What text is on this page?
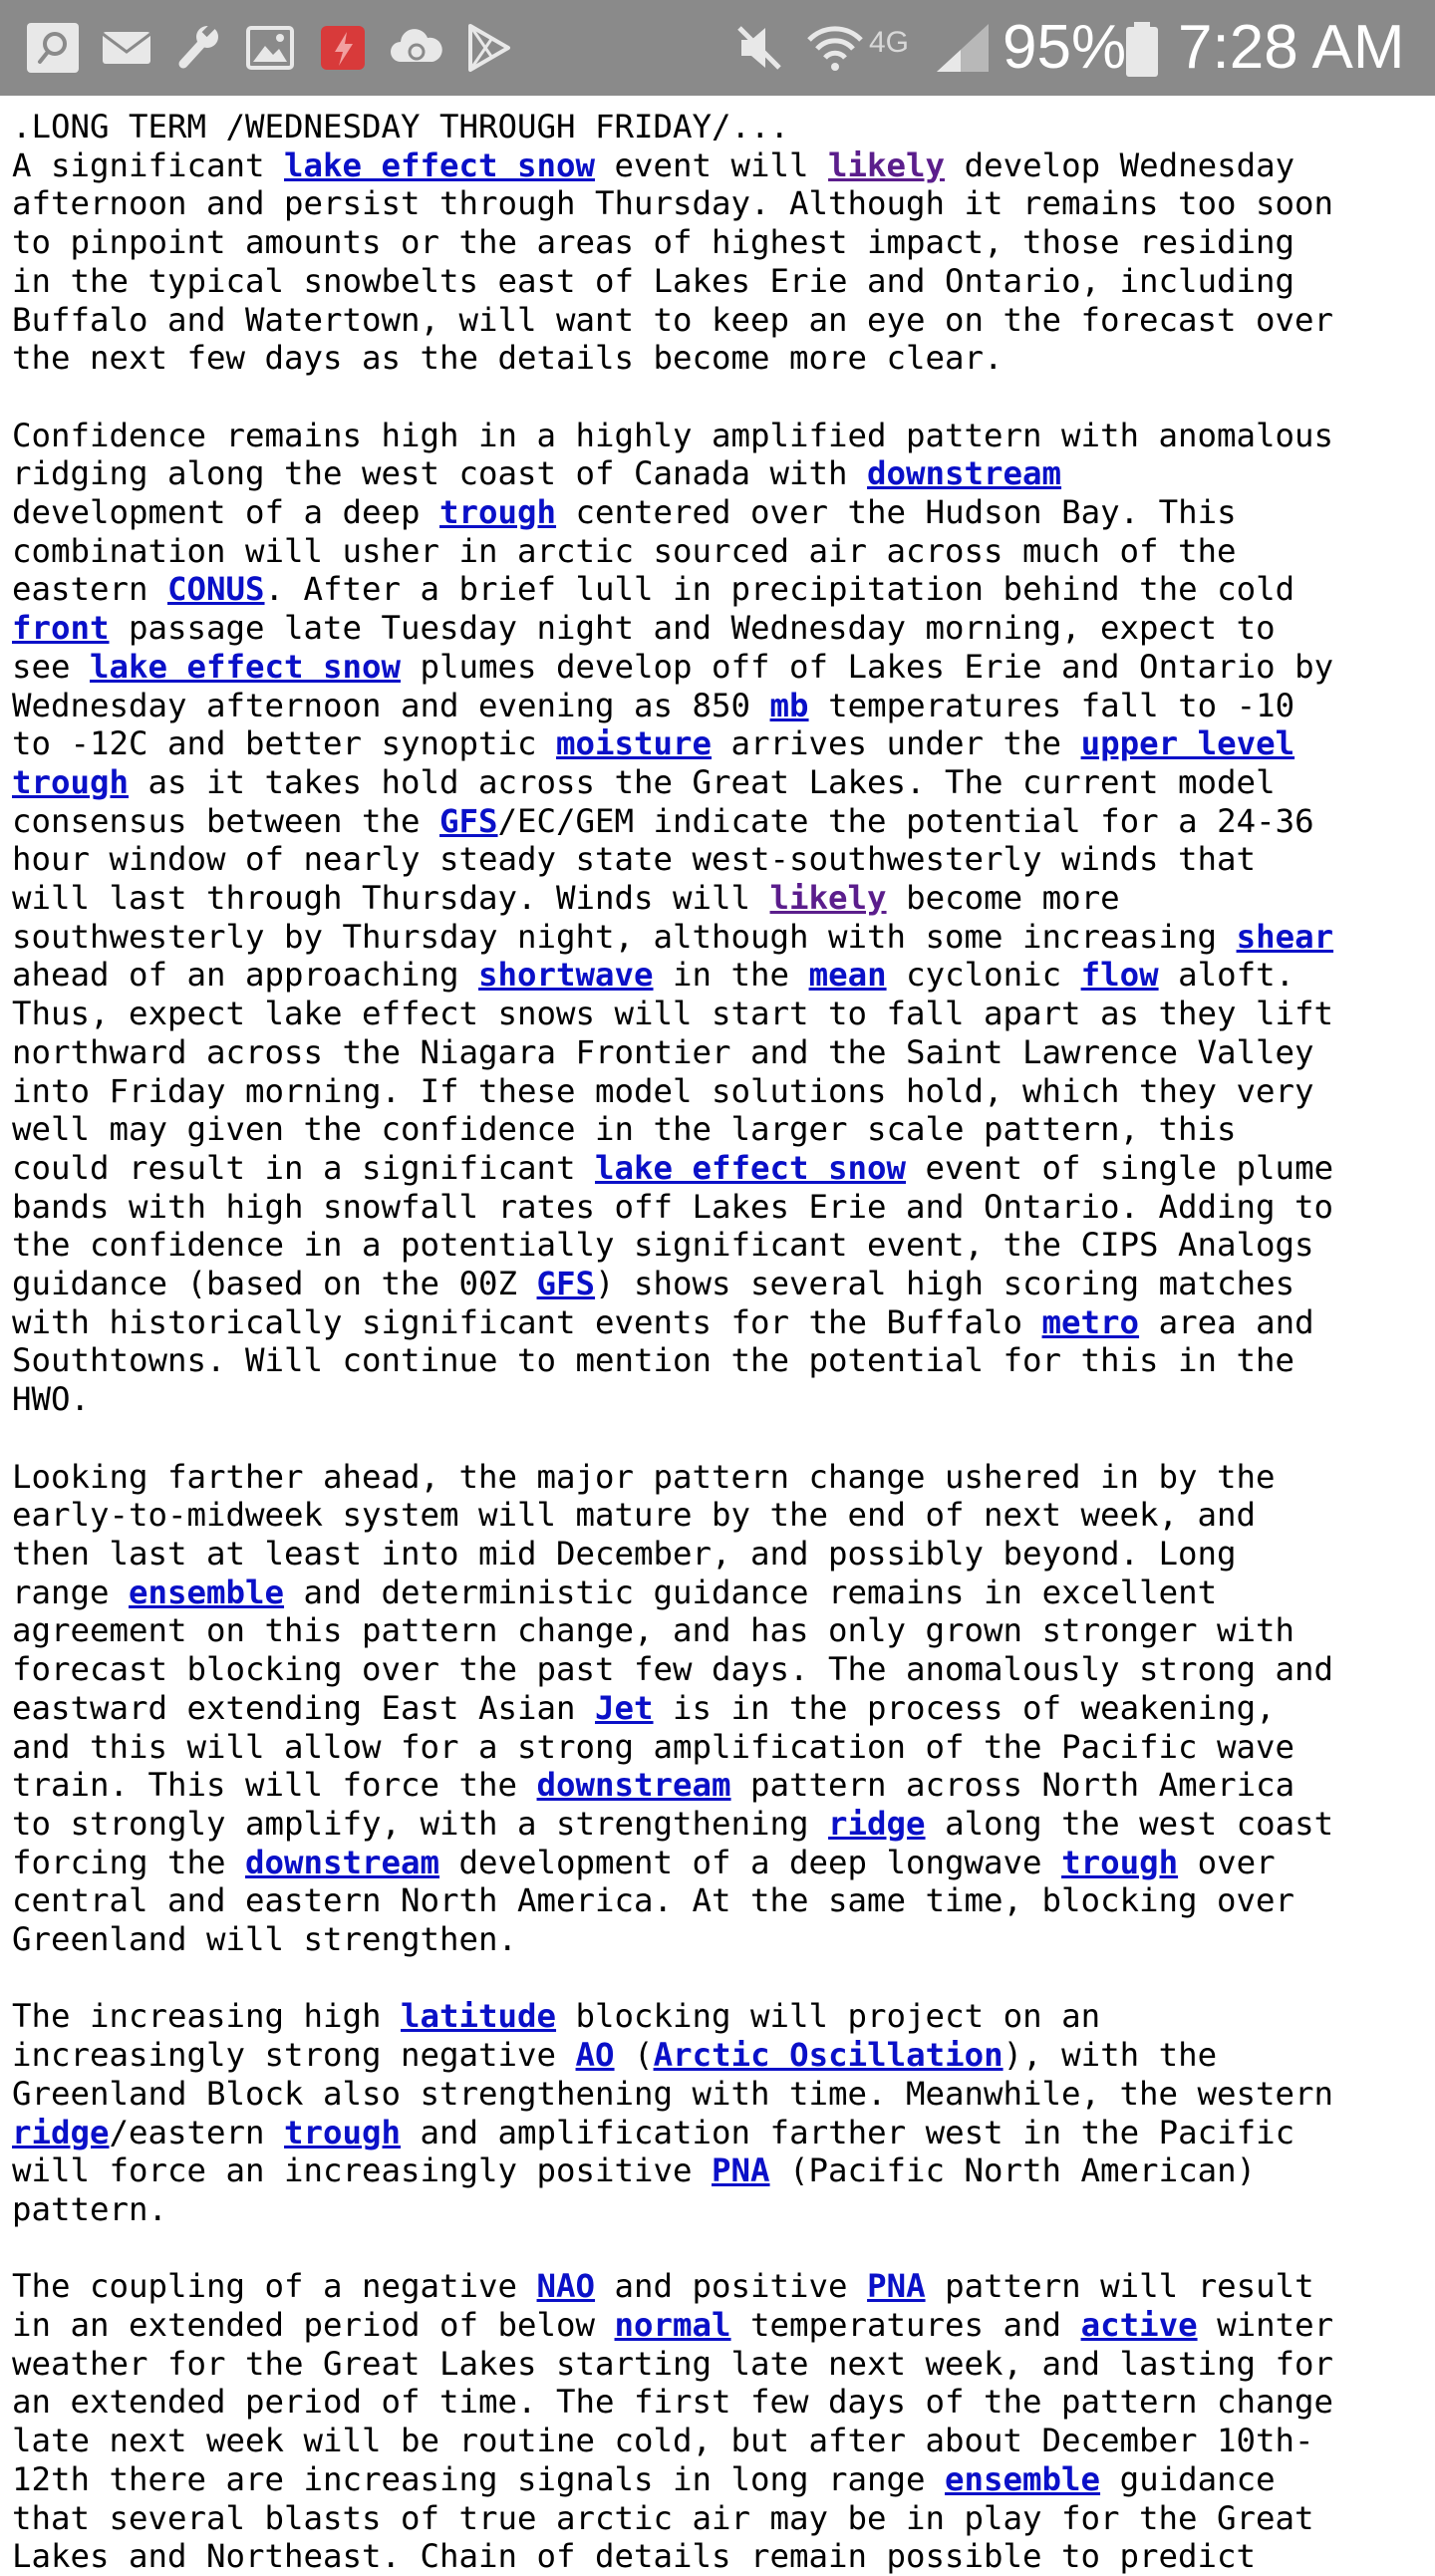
4G 95% 7:28 AM

.LONG TERM /WEDNESDAY THROUGH FRIDAY/...

A significant lake effect snow event will likely develop Wednesday

afternoon and persist through Thursday. Although it remains too soon

to pinpoint amounts or the areas of highest impact, those residing

in the typical snowbelts east of Lakes Erie and Ontario, including

Buffalo and Watertown, will want to keep an eye on the forecast over

the next few days as the details become more clear.

Confidence remains high in a highly amplified pattern with anomalous

ridging along the west coast of Canada with downstream

development of a deep trough centered over the Hudson Bay. This

combination will usher in arctic sourced air across much of the

eastern CONUS. After a brief lull in precipitation behind the cold

front passage late Tuesday night and Wednesday morning, expect to

see lake effect snow plumes develop off of Lakes Erie and Ontario by

Wednesday afternoon and evening as 850 mb temperatures fall to -10

to -12C and better synoptic moisture arrives under the upper level

trough as it takes hold across the Great Lakes. The current model

consensus between the GFS/EC/GEM indicate the potential for a 24-36

hour window of nearly steady state west-southwesterly winds that

will last through Thursday. Winds will likely become more

southwesterly by Thursday night, although with some increasing shear

ahead of an approaching shortwave in the mean cyclonic flow aloft.

Thus, expect lake effect snows will start to fall apart as they lift

northward across the Niagara Frontier and the Saint Lawrence Valley

into Friday morning. If these model solutions hold, which they very

well may given the confidence in the larger scale pattern, this

could result in a significant lake effect snow event of single plume

bands with high snowfall rates off Lakes Erie and Ontario. Adding to

the confidence in a potentially significant event, the CIPS Analogs

guidance (based on the 00Z GFS) shows several high scoring matches

with historically significant events for the Buffalo metro area and

Southtowns. Will continue to mention the potential for this in the

HWO.

Looking farther ahead, the major pattern change ushered in by the

early-to-midweek system will mature by the end of next week, and

then last at least into mid December, and possibly beyond. Long

range ensemble and deterministic guidance remains in excellent

agreement on this pattern change, and has only grown stronger with

forecast blocking over the past few days. The anomalously strong and

eastward extending East Asian Jet is in the process of weakening,

and this will allow for a strong amplification of the Pacific wave

train. This will force the downstream pattern across North America

to strongly amplify, with a strengthening ridge along the west coast

forcing the downstream development of a deep longwave trough over

central and eastern North America. At the same time, blocking over

Greenland will strengthen.

The increasing high latitude blocking will project on an

increasingly strong negative AO (Arctic Oscillation), with the

Greenland Block also strengthening with time. Meanwhile, the western

ridge/eastern trough and amplification farther west in the Pacific

will force an increasingly positive PNA (Pacific North American)

pattern.

The coupling of a negative NAO and positive PNA pattern will result

in an extended period of below normal temperatures and active winter

weather for the Great Lakes starting late next week, and lasting for

an extended period of time. The first few days of the pattern change

late next week will be routine cold, but after about December 10th-

12th there are increasing signals in long range ensemble guidance

that several blasts of true arctic air may be in play for the Great

Lakes and Northeast. Chain of details remain possible to predict
